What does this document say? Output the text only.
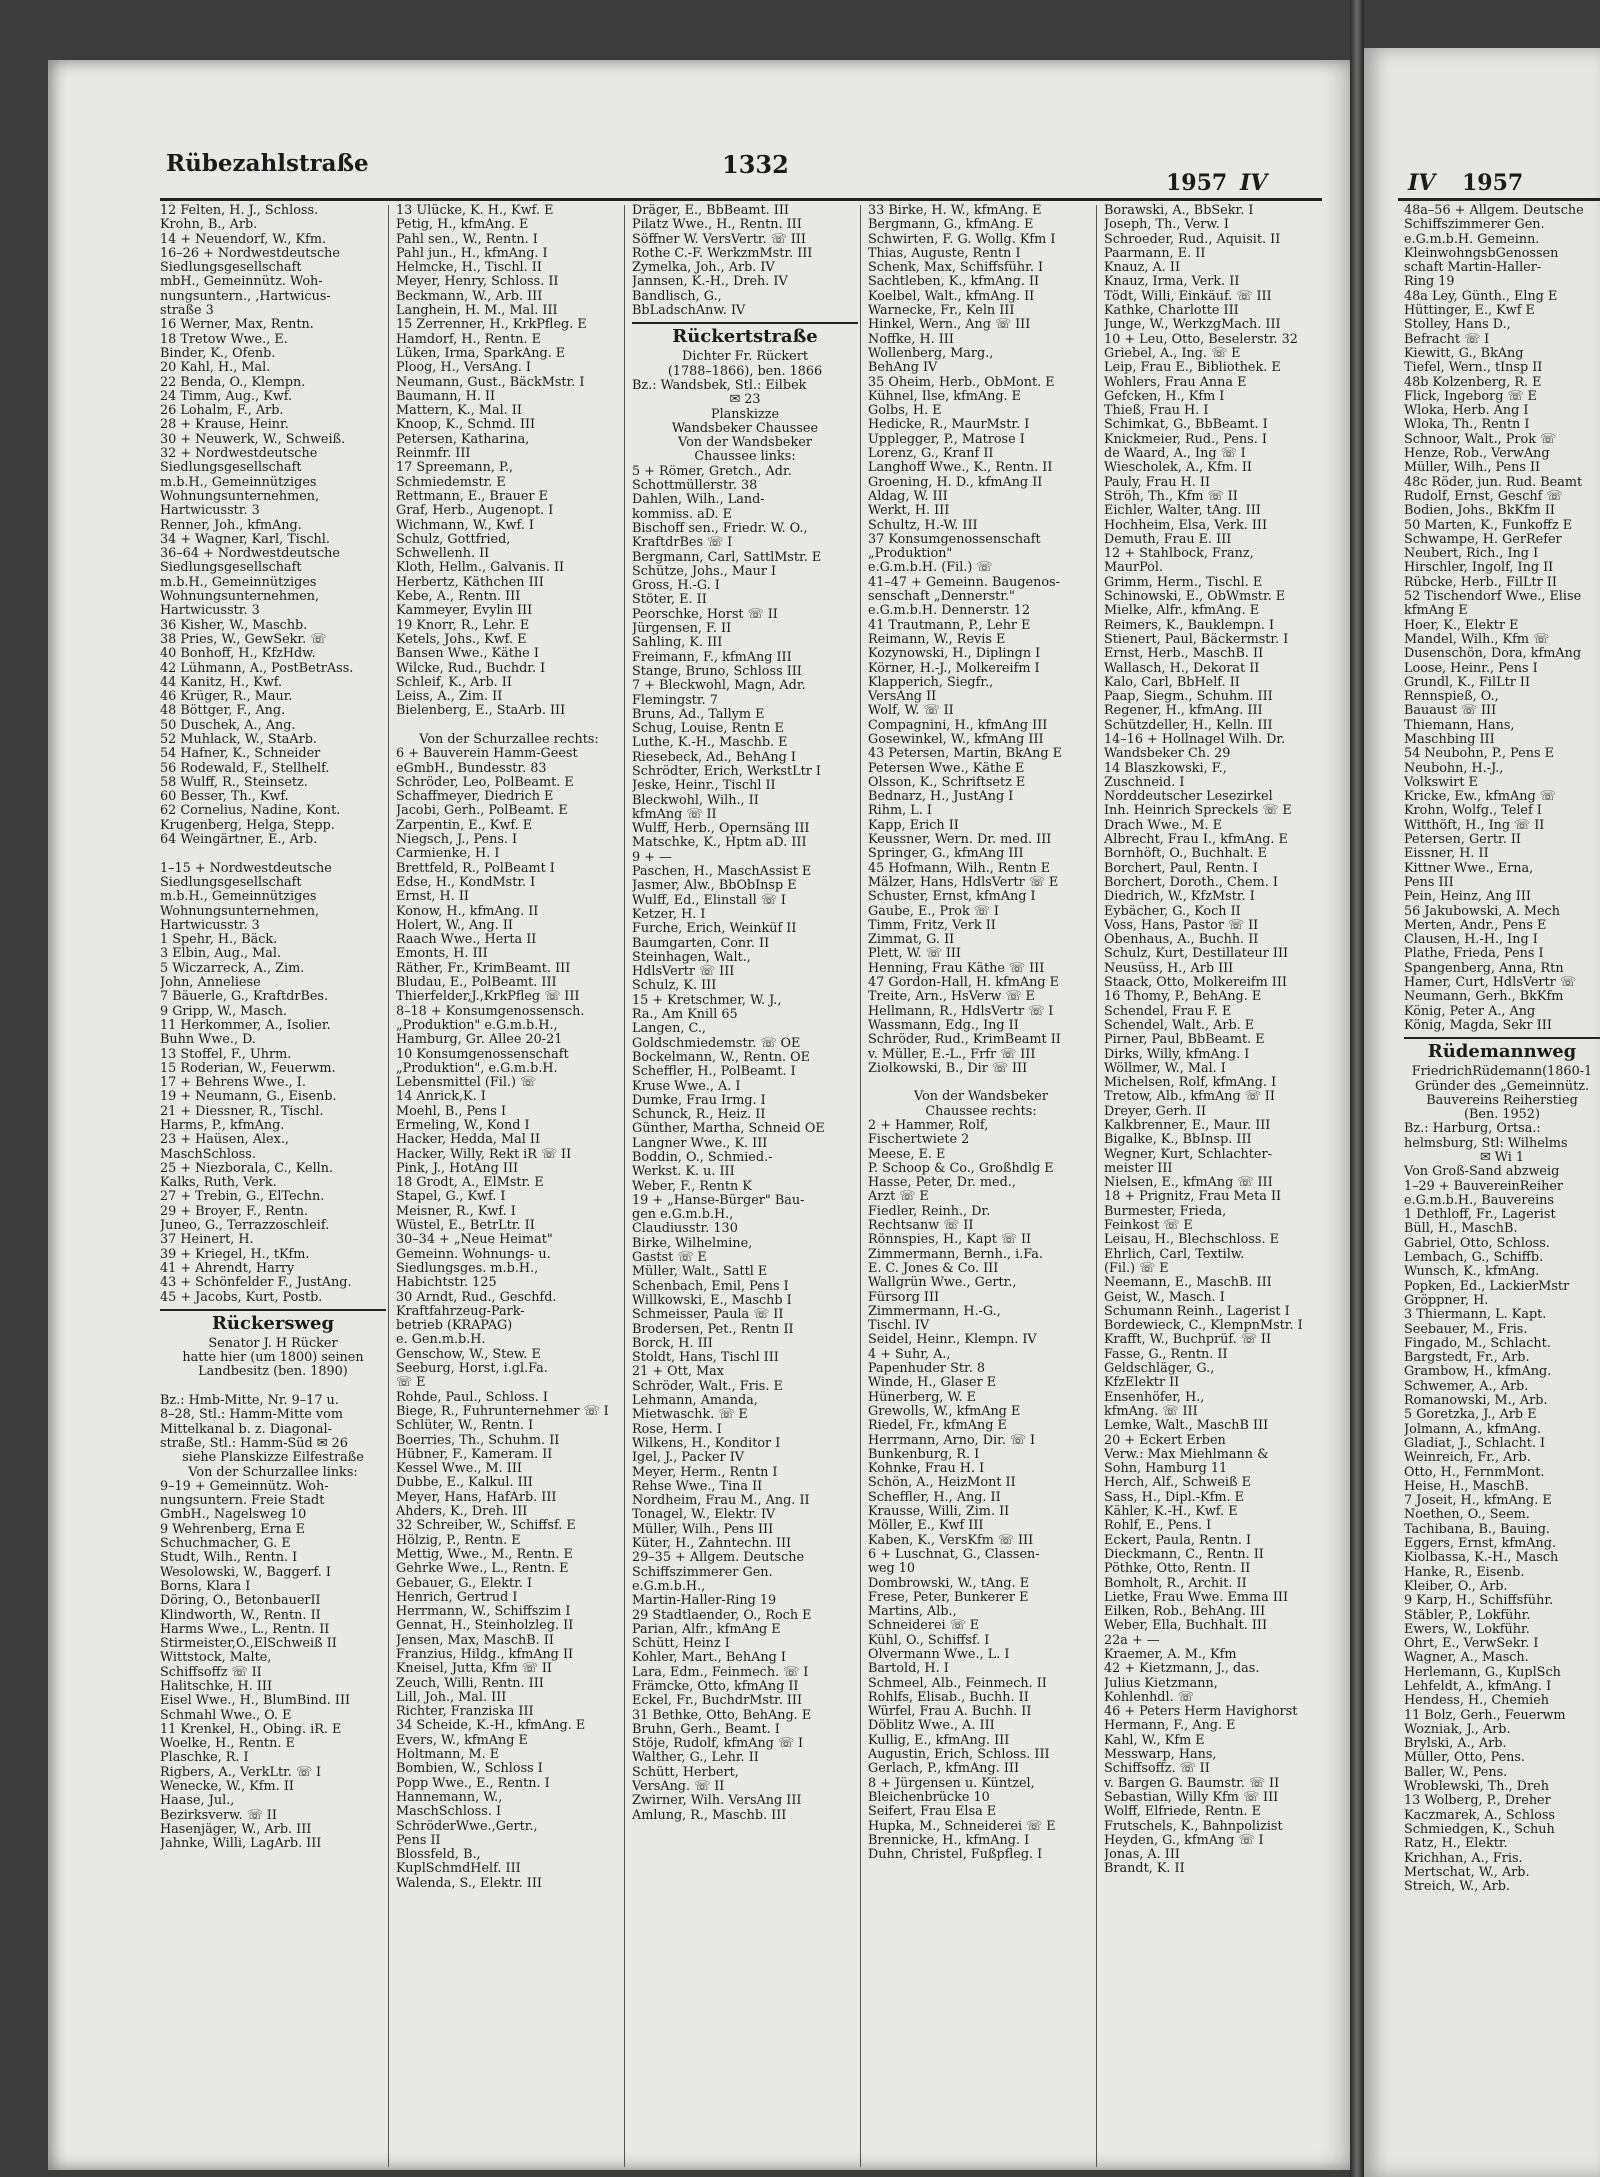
Rübezahlstraße	1332
1957 IV	IV 1957
12 Felten, H. J., Schloss.
Krohn, B., Arb.
14 + Neuendorf, W., Kfm.
16–26 + Nordwestdeutsche
Siedlungsgesellschaft
mbH., Gemeinnütz. Woh-
nungsuntern., ,Hartwicus-
straße 3
16 Werner, Max, Rentn.
18 Tretow Wwe., E.
Binder, K., Ofenb.
20 Kahl, H., Mal.
22 Benda, O., Klempn.
24 Timm, Aug., Kwf.
26 Lohalm, F., Arb.
28 + Krause, Heinr.
30 + Neuwerk, W., Schweiß.
32 + Nordwestdeutsche
Siedlungsgesellschaft
m.b.H., Gemeinnütziges
Wohnungsunternehmen,
Hartwicusstr. 3
Renner, Joh., kfmAng.
34 + Wagner, Karl, Tischl.
36–64 + Nordwestdeutsche
Siedlungsgesellschaft
m.b.H., Gemeinnütziges
Wohnungsunternehmen,
Hartwicusstr. 3
36 Kisher, W., Maschb.
38 Pries, W., GewSekr. ☏
40 Bonhoff, H., KfzHdw.
42 Lühmann, A., PostBetrAss.
44 Kanitz, H., Kwf.
46 Krüger, R., Maur.
48 Böttger, F., Ang.
50 Duschek, A., Ang.
52 Muhlack, W., StaArb.
54 Hafner, K., Schneider
56 Rodewald, F., Stellhelf.
58 Wulff, R., Steinsetz.
60 Besser, Th., Kwf.
62 Cornelius, Nadine, Kont.
Krugenberg, Helga, Stepp.
64 Weingärtner, E., Arb.

1–15 + Nordwestdeutsche
Siedlungsgesellschaft
m.b.H., Gemeinnütziges
Wohnungsunternehmen,
Hartwicusstr. 3
1 Spehr, H., Bäck.
3 Elbin, Aug., Mal.
5 Wiczarreck, A., Zim.
John, Anneliese
7 Bäuerle, G., KraftdrBes.
9 Gripp, W., Masch.
11 Herkommer, A., Isolier.
Buhn Wwe., D.
13 Stoffel, F., Uhrm.
15 Roderian, W., Feuerwm.
17 + Behrens Wwe., I.
19 + Neumann, G., Eisenb.
21 + Diessner, R., Tischl.
Harms, P., kfmAng.
23 + Haüsen, Alex.,
MaschSchloss.
25 + Niezborala, C., Kelln.
Kalks, Ruth, Verk.
27 + Trebin, G., ElTechn.
29 + Broyer, F., Rentn.
Juneo, G., Terrazzoschleif.
37 Heinert, H.
39 + Kriegel, H., tKfm.
41 + Ahrendt, Harry
43 + Schönfelder F., JustAng.
45 + Jacobs, Kurt, Postb.
Rückersweg
Senator J. H Rücker
hatte hier (um 1800) seinen
Landbesitz (ben. 1890)

Bz.: Hmb-Mitte, Nr. 9–17 u.
8–28, Stl.: Hamm-Mitte vom
Mittelkanal b. z. Diagonal-
straße, Stl.: Hamm-Süd ✉ 26
siehe Planskizze Eilfestraße
Von der Schurzallee links:
9–19 + Gemeinnütz. Woh-
nungsuntern. Freie Stadt
GmbH., Nagelsweg 10
9 Wehrenberg, Erna E
Schuchmacher, G. E
Studt, Wilh., Rentn. I
Wesolowski, W., Baggerf. I
Borns, Klara I
Döring, O., BetonbauerII
Klindworth, W., Rentn. II
Harms Wwe., L., Rentn. II
Stirmeister,O.,ElSchweiß II
Wittstock, Malte,
Schiffsoffz ☏ II
Halitschke, H. III
Eisel Wwe., H., BlumBind. III
Schmahl Wwe., O. E
11 Krenkel, H., Obing. iR. E
Woelke, H., Rentn. E
Plaschke, R. I
Rigbers, A., VerkLtr. ☏ I
Wenecke, W., Kfm. II
Haase, Jul.,
Bezirksverw. ☏ II
Hasenjäger, W., Arb. III
Jahnke, Willi, LagArb. III
13 Ulücke, K. H., Kwf. E
Petig, H., kfmAng. E
Pahl sen., W., Rentn. I
Pahl jun., H., kfmAng. I
Helmcke, H., Tischl. II
Meyer, Henry, Schloss. II
Beckmann, W., Arb. III
Langhein, H. M., Mal. III
15 Zerrenner, H., KrkPfleg. E
Hamdorf, H., Rentn. E
Lüken, Irma, SparkAng. E
Ploog, H., VersAng. I
Neumann, Gust., BäckMstr. I
Baumann, H. II
Mattern, K., Mal. II
Knoop, K., Schmd. III
Petersen, Katharina,
Reinmfr. III
17 Spreemann, P.,
Schmiedemstr. E
Rettmann, E., Brauer E
Graf, Herb., Augenopt. I
Wichmann, W., Kwf. I
Schulz, Gottfried,
Schwellenh. II
Kloth, Hellm., Galvanis. II
Herbertz, Käthchen III
Kebe, A., Rentn. III
Kammeyer, Evylin III
19 Knorr, R., Lehr. E
Ketels, Johs., Kwf. E
Bansen Wwe., Käthe I
Wilcke, Rud., Buchdr. I
Schleif, K., Arb. II
Leiss, A., Zim. II
Bielenberg, E., StaArb. III

Von der Schurzallee rechts:
6 + Bauverein Hamm-Geest
eGmbH., Bundesstr. 83
Schröder, Leo, PolBeamt. E
Schaffmeyer, Diedrich E
Jacobi, Gerh., PolBeamt. E
Zarpentin, E., Kwf. E
Niegsch, J., Pens. I
Carmienke, H. I
Brettfeld, R., PolBeamt I
Edse, H., KondMstr. I
Ernst, H. II
Konow, H., kfmAng. II
Holert, W., Ang. II
Raach Wwe., Herta II
Emonts, H. III
Räther, Fr., KrimBeamt. III
Bludau, E., PolBeamt. III
Thierfelder,J.,KrkPfleg ☏ III
8–18 + Konsumgenossensch.
„Produktion" e.G.m.b.H.,
Hamburg, Gr. Allee 20-21
10 Konsumgenossenschaft
„Produktion", e.G.m.b.H.
Lebensmittel (Fil.) ☏
14 Anrick,K. I
Moehl, B., Pens I
Ermeling, W., Kond I
Hacker, Hedda, Mal II
Hacker, Willy, Rekt iR ☏ II
Pink, J., HotAng III
18 Grodt, A., ElMstr. E
Stapel, G., Kwf. I
Meisner, R., Kwf. I
Wüstel, E., BetrLtr. II
30–34 + „Neue Heimat"
Gemeinn. Wohnungs- u.
Siedlungsges. m.b.H.,
Habichtstr. 125
30 Arndt, Rud., Geschfd.
Kraftfahrzeug-Park-
betrieb (KRAPAG)
e. Gen.m.b.H.
Genschow, W., Stew. E
Seeburg, Horst, i.gl.Fa.
☏ E
Rohde, Paul., Schloss. I
Biege, R., Fuhrunternehmer ☏ I
Schlüter, W., Rentn. I
Boerries, Th., Schuhm. II
Hübner, F., Kameram. II
Kessel Wwe., M. III
Dubbe, E., Kalkul. III
Meyer, Hans, HafArb. III
Ahders, K., Dreh. III
32 Schreiber, W., Schiffsf. E
Hölzig, P., Rentn. E
Mettig, Wwe., M., Rentn. E
Gehrke Wwe., L., Rentn. E
Gebauer, G., Elektr. I
Henrich, Gertrud I
Herrmann, W., Schiffszim I
Gennat, H., Steinholzleg. II
Jensen, Max, MaschB. II
Franzius, Hildg., kfmAng II
Kneisel, Jutta, Kfm ☏ II
Zeuch, Willi, Rentn. III
Lill, Joh., Mal. III
Richter, Franziska III
34 Scheide, K.-H., kfmAng. E
Evers, W., kfmAng E
Holtmann, M. E
Bombien, W., Schloss I
Popp Wwe., E., Rentn. I
Hannemann, W.,
MaschSchloss. I
SchröderWwe.,Gertr.,
Pens II
Blossfeld, B.,
KuplSchmdHelf. III
Walenda, S., Elektr. III
Dräger, E., BbBeamt. III
Pilatz Wwe., H., Rentn. III
Söffner W. VersVertr. ☏ III
Rothe C.-F. WerkzmMstr. III
Zymelka, Joh., Arb. IV
Jannsen, K.-H., Dreh. IV
Bandlisch, G.,
BbLadschAnw. IV
Rückertstraße
Dichter Fr. Rückert
(1788–1866), ben. 1866
Bz.: Wandsbek, Stl.: Eilbek
✉ 23
Planskizze
Wandsbeker Chaussee
Von der Wandsbeker
Chaussee links:
5 + Römer, Gretch., Adr.
Schottmüllerstr. 38
Dahlen, Wilh., Land-
kommiss. aD. E
Bischoff sen., Friedr. W. O.,
KraftdrBes ☏ I
Bergmann, Carl, SattlMstr. E
Schütze, Johs., Maur I
Gross, H.-G. I
Stöter, E. II
Peorschke, Horst ☏ II
Jürgensen, F. II
Sahling, K. III
Freimann, F., kfmAng III
Stange, Bruno, Schloss III
7 + Bleckwohl, Magn, Adr.
Flemingstr. 7
Bruns, Ad., Tallym E
Schug, Louise, Rentn E
Luthe, K.-H., Maschb. E
Riesebeck, Ad., BehAng I
Schrödter, Erich, WerkstLtr I
Jeske, Heinr., Tischl II
Bleckwohl, Wilh., II
kfmAng ☏ II
Wulff, Herb., Opernsäng III
Matschke, K., Hptm aD. III
9 + —
Paschen, H., MaschAssist E
Jasmer, Alw., BbObInsp E
Wulff, Ed., Elinstall ☏ I
Ketzer, H. I
Furche, Erich, Weinküf II
Baumgarten, Conr. II
Steinhagen, Walt.,
HdlsVertr ☏ III
Schulz, K. III
15 + Kretschmer, W. J.,
Ra., Am Knill 65
Langen, C.,
Goldschmiedemstr. ☏ OE
Bockelmann, W., Rentn. OE
Scheffler, H., PolBeamt. I
Kruse Wwe., A. I
Dumke, Frau Irmg. I
Schunck, R., Heiz. II
Günther, Martha, Schneid OE
Langner Wwe., K. III
Boddin, O., Schmied.-
Werkst. K. u. III
Weber, F., Rentn K
19 + „Hanse-Bürger" Bau-
gen e.G.m.b.H.,
Claudiusstr. 130
Birke, Wilhelmine,
Gastst ☏ E
Müller, Walt., Sattl E
Schenbach, Emil, Pens I
Willkowski, E., Maschb I
Schmeisser, Paula ☏ II
Brodersen, Pet., Rentn II
Borck, H. III
Stoldt, Hans, Tischl III
21 + Ott, Max
Schröder, Walt., Fris. E
Lehmann, Amanda,
Mietwaschk. ☏ E
Rose, Herm. I
Wilkens, H., Konditor I
Igel, J., Packer IV
Meyer, Herm., Rentn I
Rehse Wwe., Tina II
Nordheim, Frau M., Ang. II
Tonagel, W., Elektr. IV
Müller, Wilh., Pens III
Küter, H., Zahntechn. III
29–35 + Allgem. Deutsche
Schiffszimmerer Gen.
e.G.m.b.H.,
Martin-Haller-Ring 19
29 Stadtlaender, O., Roch E
Parian, Alfr., kfmAng E
Schütt, Heinz I
Kohler, Mart., BehAng I
Lara, Edm., Feinmech. ☏ I
Främcke, Otto, kfmAng II
Eckel, Fr., BuchdrMstr. III
31 Bethke, Otto, BehAng. E
Bruhn, Gerh., Beamt. I
Stöje, Rudolf, kfmAng ☏ I
Walther, G., Lehr. II
Schütt, Herbert,
VersAng. ☏ II
Zwirner, Wilh. VersAng III
Amlung, R., Maschb. III
33 Birke, H. W., kfmAng. E
Bergmann, G., kfmAng. E
Schwirten, F. G. Wollg. Kfm I
Thias, Auguste, Rentn I
Schenk, Max, Schiffsführ. I
Sachtleben, K., kfmAng. II
Koelbel, Walt., kfmAng. II
Warnecke, Fr., Keln III
Hinkel, Wern., Ang ☏ III
Noffke, H. III
Wollenberg, Marg.,
BehAng IV
35 Oheim, Herb., ObMont. E
Kühnel, Ilse, kfmAng. E
Golbs, H. E
Hedicke, R., MaurMstr. I
Upplegger, P., Matrose I
Lorenz, G., Kranf II
Langhoff Wwe., K., Rentn. II
Groening, H. D., kfmAng II
Aldag, W. III
Werkt, H. III
Schultz, H.-W. III
37 Konsumgenossenschaft
„Produktion"
e.G.m.b.H. (Fil.) ☏
41–47 + Gemeinn. Baugenos-
senschaft „Dennerstr."
e.G.m.b.H. Dennerstr. 12
41 Trautmann, P., Lehr E
Reimann, W., Revis E
Kozynowski, H., Diplingn I
Körner, H.-J., Molkereifm I
Klapperich, Siegfr.,
VersAng II
Wolf, W. ☏ II
Compagnini, H., kfmAng III
Gosewinkel, W., kfmAng III
43 Petersen, Martin, BkAng E
Petersen Wwe., Käthe E
Olsson, K., Schriftsetz E
Bednarz, H., JustAng I
Rihm, L. I
Kapp, Erich II
Keussner, Wern. Dr. med. III
Springer, G., kfmAng III
45 Hofmann, Wilh., Rentn E
Mälzer, Hans, HdlsVertr ☏ E
Schuster, Ernst, kfmAng I
Gaube, E., Prok ☏ I
Timm, Fritz, Verk II
Zimmat, G. II
Plett, W. ☏ III
Henning, Frau Käthe ☏ III
47 Gordon-Hall, H. kfmAng E
Treite, Arn., HsVerw ☏ E
Hellmann, R., HdlsVertr ☏ I
Wassmann, Edg., Ing II
Schröder, Rud., KrimBeamt II
v. Müller, E.-L., Frfr ☏ III
Ziolkowski, B., Dir ☏ III

Von der Wandsbeker
Chaussee rechts:
2 + Hammer, Rolf,
Fischertwiete 2
Meese, E. E
P. Schoop & Co., Großhdlg E
Hasse, Peter, Dr. med.,
Arzt ☏ E
Fiedler, Reinh., Dr.
Rechtsanw ☏ II
Rönnspies, H., Kapt ☏ II
Zimmermann, Bernh., i.Fa.
E. C. Jones & Co. III
Wallgrün Wwe., Gertr.,
Fürsorg III
Zimmermann, H.-G.,
Tischl. IV
Seidel, Heinr., Klempn. IV
4 + Suhr, A.,
Papenhuder Str. 8
Winde, H., Glaser E
Hünerberg, W. E
Grewolls, W., kfmAng E
Riedel, Fr., kfmAng E
Herrmann, Arno, Dir. ☏ I
Bunkenburg, R. I
Kohnke, Frau H. I
Schön, A., HeizMont II
Scheffler, H., Ang. II
Krausse, Willi, Zim. II
Möller, E., Kwf III
Kaben, K., VersKfm ☏ III
6 + Luschnat, G., Classen-
weg 10
Dombrowski, W., tAng. E
Frese, Peter, Bunkerer E
Martins, Alb.,
Schneiderei ☏ E
Kühl, O., Schiffsf. I
Olvermann Wwe., L. I
Bartold, H. I
Schmeel, Alb., Feinmech. II
Rohlfs, Elisab., Buchh. II
Würfel, Frau A. Buchh. II
Döblitz Wwe., A. III
Kullig, E., kfmAng. III
Augustin, Erich, Schloss. III
Gerlach, P., kfmAng. III
8 + Jürgensen u. Küntzel,
Bleichenbrücke 10
Seifert, Frau Elsa E
Hupka, M., Schneiderei ☏ E
Brennicke, H., kfmAng. I
Duhn, Christel, Fußpfleg. I
Borawski, A., BbSekr. I
Joseph, Th., Verw. I
Schroeder, Rud., Aquisit. II
Paarmann, E. II
Knauz, A. II
Knauz, Irma, Verk. II
Tödt, Willi, Einkäuf. ☏ III
Kathke, Charlotte III
Junge, W., WerkzgMach. III
10 + Leu, Otto, Beselerstr. 32
Griebel, A., Ing. ☏ E
Leip, Frau E., Bibliothek. E
Wohlers, Frau Anna E
Gefcken, H., Kfm I
Thieß, Frau H. I
Schimkat, G., BbBeamt. I
Knickmeier, Rud., Pens. I
de Waard, A., Ing ☏ I
Wiescholek, A., Kfm. II
Pauly, Frau H. II
Ströh, Th., Kfm ☏ II
Eichler, Walter, tAng. III
Hochheim, Elsa, Verk. III
Demuth, Frau E. III
12 + Stahlbock, Franz,
MaurPol.
Grimm, Herm., Tischl. E
Schinowski, E., ObWmstr. E
Mielke, Alfr., kfmAng. E
Reimers, K., Bauklempn. I
Stienert, Paul, Bäckermstr. I
Ernst, Herb., MaschB. II
Wallasch, H., Dekorat II
Kalo, Carl, BbHelf. II
Paap, Siegm., Schuhm. III
Regener, H., kfmAng. III
Schützdeller, H., Kelln. III
14–16 + Hollnagel Wilh. Dr.
Wandsbeker Ch. 29
14 Blaszkowski, F.,
Zuschneid. I
Norddeutscher Lesezirkel
Inh. Heinrich Spreckels ☏ E
Drach Wwe., M. E
Albrecht, Frau I., kfmAng. E
Bornhöft, O., Buchhalt. E
Borchert, Paul, Rentn. I
Borchert, Doroth., Chem. I
Diedrich, W., KfzMstr. I
Eybächer, G., Koch II
Voss, Hans, Pastor ☏ II
Obenhaus, A., Buchh. II
Schulz, Kurt, Destillateur III
Neusüss, H., Arb III
Staack, Otto, Molkereifm III
16 Thomy, P., BehAng. E
Schendel, Frau F. E
Schendel, Walt., Arb. E
Pirner, Paul, BbBeamt. E
Dirks, Willy, kfmAng. I
Wöllmer, W., Mal. I
Michelsen, Rolf, kfmAng. I
Tretow, Alb., kfmAng ☏ II
Dreyer, Gerh. II
Kalkbrenner, E., Maur. III
Bigalke, K., BbInsp. III
Wegner, Kurt, Schlachter-
meister III
Nielsen, E., kfmAng ☏ III
18 + Prignitz, Frau Meta II
Burmester, Frieda,
Feinkost ☏ E
Leisau, H., Blechschloss. E
Ehrlich, Carl, Textilw.
(Fil.) ☏ E
Neemann, E., MaschB. III
Geist, W., Masch. I
Schumann Reinh., Lagerist I
Bordewieck, C., KlempnMstr. I
Krafft, W., Buchprüf. ☏ II
Fasse, G., Rentn. II
Geldschläger, G.,
KfzElektr II
Ensenhöfer, H.,
kfmAng. ☏ III
Lemke, Walt., MaschB III
20 + Eckert Erben
Verw.: Max Miehlmann &
Sohn, Hamburg 11
Herch, Alf., Schweiß E
Sass, H., Dipl.-Kfm. E
Kähler, K.-H., Kwf. E
Rohlf, E., Pens. I
Eckert, Paula, Rentn. I
Dieckmann, C., Rentn. II
Pöthke, Otto, Rentn. II
Bomholt, R., Archit. II
Lietke, Frau Wwe. Emma III
Eilken, Rob., BehAng. III
Weber, Ella, Buchhalt. III
22a + —
Kraemer, A. M., Kfm
42 + Kietzmann, J., das.
Julius Kietzmann,
Kohlenhdl. ☏
46 + Peters Herm Havighorst
Hermann, F., Ang. E
Kahl, W., Kfm E
Messwarp, Hans,
Schiffsoffz. ☏ II
v. Bargen G. Baumstr. ☏ II
Sebastian, Willy Kfm ☏ III
Wolff, Elfriede, Rentn. E
Frutschels, K., Bahnpolizist
Heyden, G., kfmAng ☏ I
Jonas, A. III
Brandt, K. II
48a–56 + Allgem. Deutsche
Schiffszimmerer Gen.
e.G.m.b.H. Gemeinn.
KleinwohngsbGenossen
schaft Martin-Haller-
Ring 19
48a Ley, Günth., Elng E
Hüttinger, E., Kwf E
Stolley, Hans D.,
Befracht ☏ I
Kiewitt, G., BkAng
Tiefel, Wern., tInsp II
48b Kolzenberg, R. E
Flick, Ingeborg ☏ E
Wloka, Herb. Ang I
Wloka, Th., Rentn I
Schnoor, Walt., Prok ☏
Henze, Rob., VerwAng
Müller, Wilh., Pens II
48c Röder, jun. Rud. Beamt
Rudolf, Ernst, Geschf ☏
Bodien, Johs., BkKfm II
50 Marten, K., Funkoffz E
Schwampe, H. GerRefer
Neubert, Rich., Ing I
Hirschler, Ingolf, Ing II
Rübcke, Herb., FilLtr II
52 Tischendorf Wwe., Elise
kfmAng E
Hoer, K., Elektr E
Mandel, Wilh., Kfm ☏
Dusenschön, Dora, kfmAng
Loose, Heinr., Pens I
Grundl, K., FilLtr II
Rennspieß, O.,
Bauaust ☏ III
Thiemann, Hans,
Maschbing III
54 Neubohn, P., Pens E
Neubohn, H.-J.,
Volkswirt E
Kricke, Ew., kfmAng ☏
Krohn, Wolfg., Telef I
Witthöft, H., Ing ☏ II
Petersen, Gertr. II
Eissner, H. II
Kittner Wwe., Erna,
Pens III
Pein, Heinz, Ang III
56 Jakubowski, A. Mech
Merten, Andr., Pens E
Clausen, H.-H., Ing I
Plathe, Frieda, Pens I
Spangenberg, Anna, Rtn
Hamer, Curt, HdlsVertr ☏
Neumann, Gerh., BkKfm
König, Peter A., Ang
König, Magda, Sekr III
Rüdemannweg
FriedrichRüdemann(1860-1
Gründer des „Gemeinnütz.
Bauvereins Reiherstieg
(Ben. 1952)
Bz.: Harburg, Ortsa.:
helmsburg, Stl: Wilhelms
✉ Wi 1
Von Groß-Sand abzweig
1–29 + BauvereinReiher
e.G.m.b.H., Bauvereins
1 Dethloff, Fr., Lagerist
Büll, H., MaschB.
Gabriel, Otto, Schloss.
Lembach, G., Schiffb.
Wunsch, K., kfmAng.
Popken, Ed., LackierMstr
Gröppner, H.
3 Thiermann, L. Kapt.
Seebauer, M., Fris.
Fingado, M., Schlacht.
Bargstedt, Fr., Arb.
Grambow, H., kfmAng.
Schwemer, A., Arb.
Romanowski, M., Arb.
5 Goretzka, J., Arb E
Jolmann, A., kfmAng.
Gladiat, J., Schlacht. I
Weinreich, Fr., Arb.
Otto, H., FernmMont.
Heise, H., MaschB.
7 Joseit, H., kfmAng. E
Noethen, O., Seem.
Tachibana, B., Bauing.
Eggers, Ernst, kfmAng.
Kiolbassa, K.-H., Masch
Hanke, R., Eisenb.
Kleiber, O., Arb.
9 Karp, H., Schiffsführ.
Stäbler, P., Lokführ.
Ewers, W., Lokführ.
Ohrt, E., VerwSekr. I
Wagner, A., Masch.
Herlemann, G., KuplSch
Lehfeldt, A., kfmAng. I
Hendess, H., Chemieh
11 Bolz, Gerh., Feuerwm
Wozniak, J., Arb.
Brylski, A., Arb.
Müller, Otto, Pens.
Baller, W., Pens.
Wroblewski, Th., Dreh
13 Wolberg, P., Dreher
Kaczmarek, A., Schloss
Schmiedgen, K., Schuh
Ratz, H., Elektr.
Krichhan, A., Fris.
Mertschat, W., Arb.
Streich, W., Arb.
